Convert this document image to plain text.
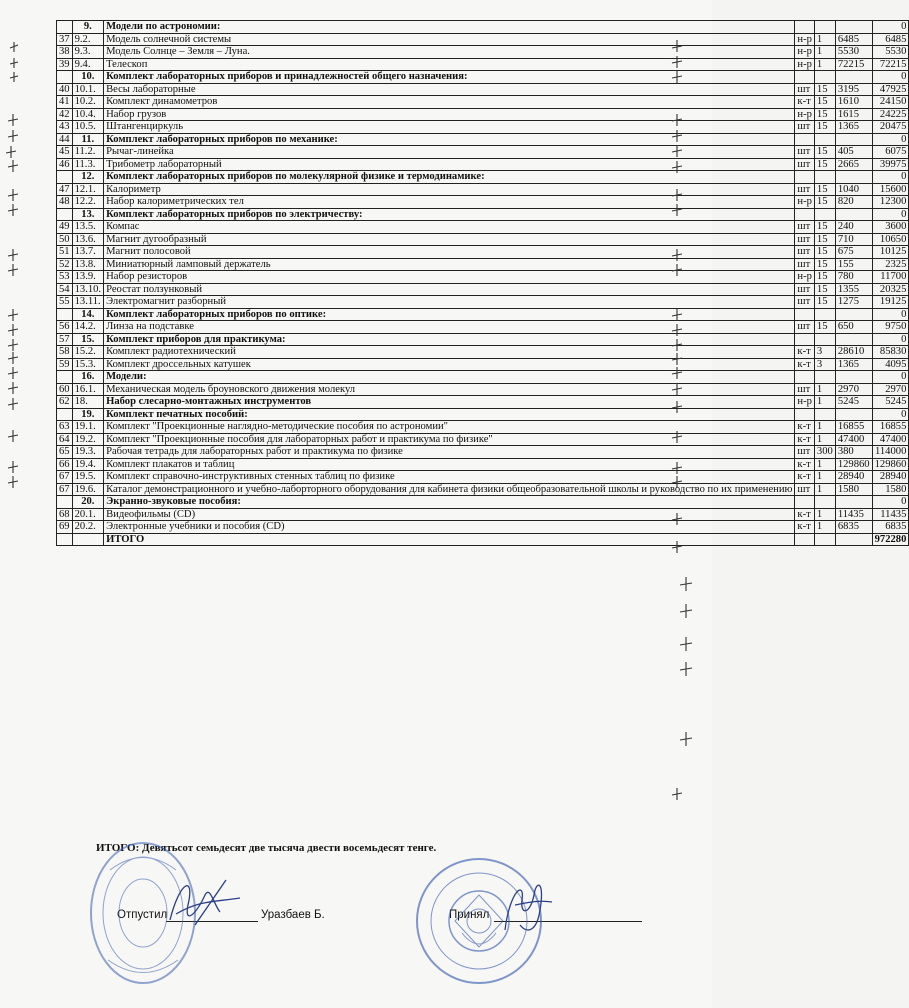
	9.	Модели по астрономии:				0
37	9.2.	Модель солнечной системы	н-р	1	6485	6485
38	9.3.	Модель Солнце – Земля – Луна.	н-р	1	5530	5530
39	9.4.	Телескоп	н-р	1	72215	72215
	10.	Комплект лабораторных приборов и принадлежностей общего назначения:				0
40	10.1.	Весы лабораторные	шт	15	3195	47925
41	10.2.	Комплект динамометров	к-т	15	1610	24150
42	10.4.	Набор грузов	н-р	15	1615	24225
43	10.5.	Штангенциркуль	шт	15	1365	20475
44	11.	Комплект лабораторных приборов по механике:				0
45	11.2.	Рычаг-линейка	шт	15	405	6075
46	11.3.	Трибометр лабораторный	шт	15	2665	39975
	12.	Комплект лабораторных приборов по молекулярной физике и термодинамике:				0
47	12.1.	Калориметр	шт	15	1040	15600
48	12.2.	Набор калориметрических тел	н-р	15	820	12300
	13.	Комплект лабораторных приборов по электричеству:				0
49	13.5.	Компас	шт	15	240	3600
50	13.6.	Магнит дугообразный	шт	15	710	10650
51	13.7.	Магнит полосовой	шт	15	675	10125
52	13.8.	Миниатюрный ламповый держатель	шт	15	155	2325
53	13.9.	Набор резисторов	н-р	15	780	11700
54	13.10.	Реостат ползунковый	шт	15	1355	20325
55	13.11.	Электромагнит разборный	шт	15	1275	19125
	14.	Комплект лабораторных приборов по оптике:				0
56	14.2.	Линза на подставке	шт	15	650	9750
57	15.	Комплект приборов для практикума:				0
58	15.2.	Комплект радиотехнический	к-т	3	28610	85830
59	15.3.	Комплект дроссельных катушек	к-т	3	1365	4095
	16.	Модели:				0
60	16.1.	Механическая модель броуновского движения молекул	шт	1	2970	2970
62	18.	Набор слесарно-монтажных инструментов	н-р	1	5245	5245
	19.	Комплект печатных пособий:				0
63	19.1.	Комплект "Проекционные наглядно-методические пособия по астрономии"	к-т	1	16855	16855
64	19.2.	Комплект "Проекционные пособия для лабораторных работ и практикума по физике"	к-т	1	47400	47400
65	19.3.	Рабочая тетрадь для лабораторных работ и практикума по физике	шт	300	380	114000
66	19.4.	Комплект плакатов и таблиц	к-т	1	129860	129860
67	19.5.	Комплект справочно-инструктивных стенных таблиц по физике	к-т	1	28940	28940
67	19.6.	Каталог демонстрационного и учебно-лаборторного оборудования для кабинета физики общеобразовательной школы и руководство по их применению	шт	1	1580	1580
	20.	Экранно-звуковые пособия:				0
68	20.1.	Видеофильмы (CD)	к-т	1	11435	11435
69	20.2.	Электронные учебники и пособия (CD)	к-т	1	6835	6835
		ИТОГО				972280
ИТОГО: Девятьсот семьдесят две тысяча двести восемьдесят тенге.
Отпустил	Уразбаев Б.	Принял
